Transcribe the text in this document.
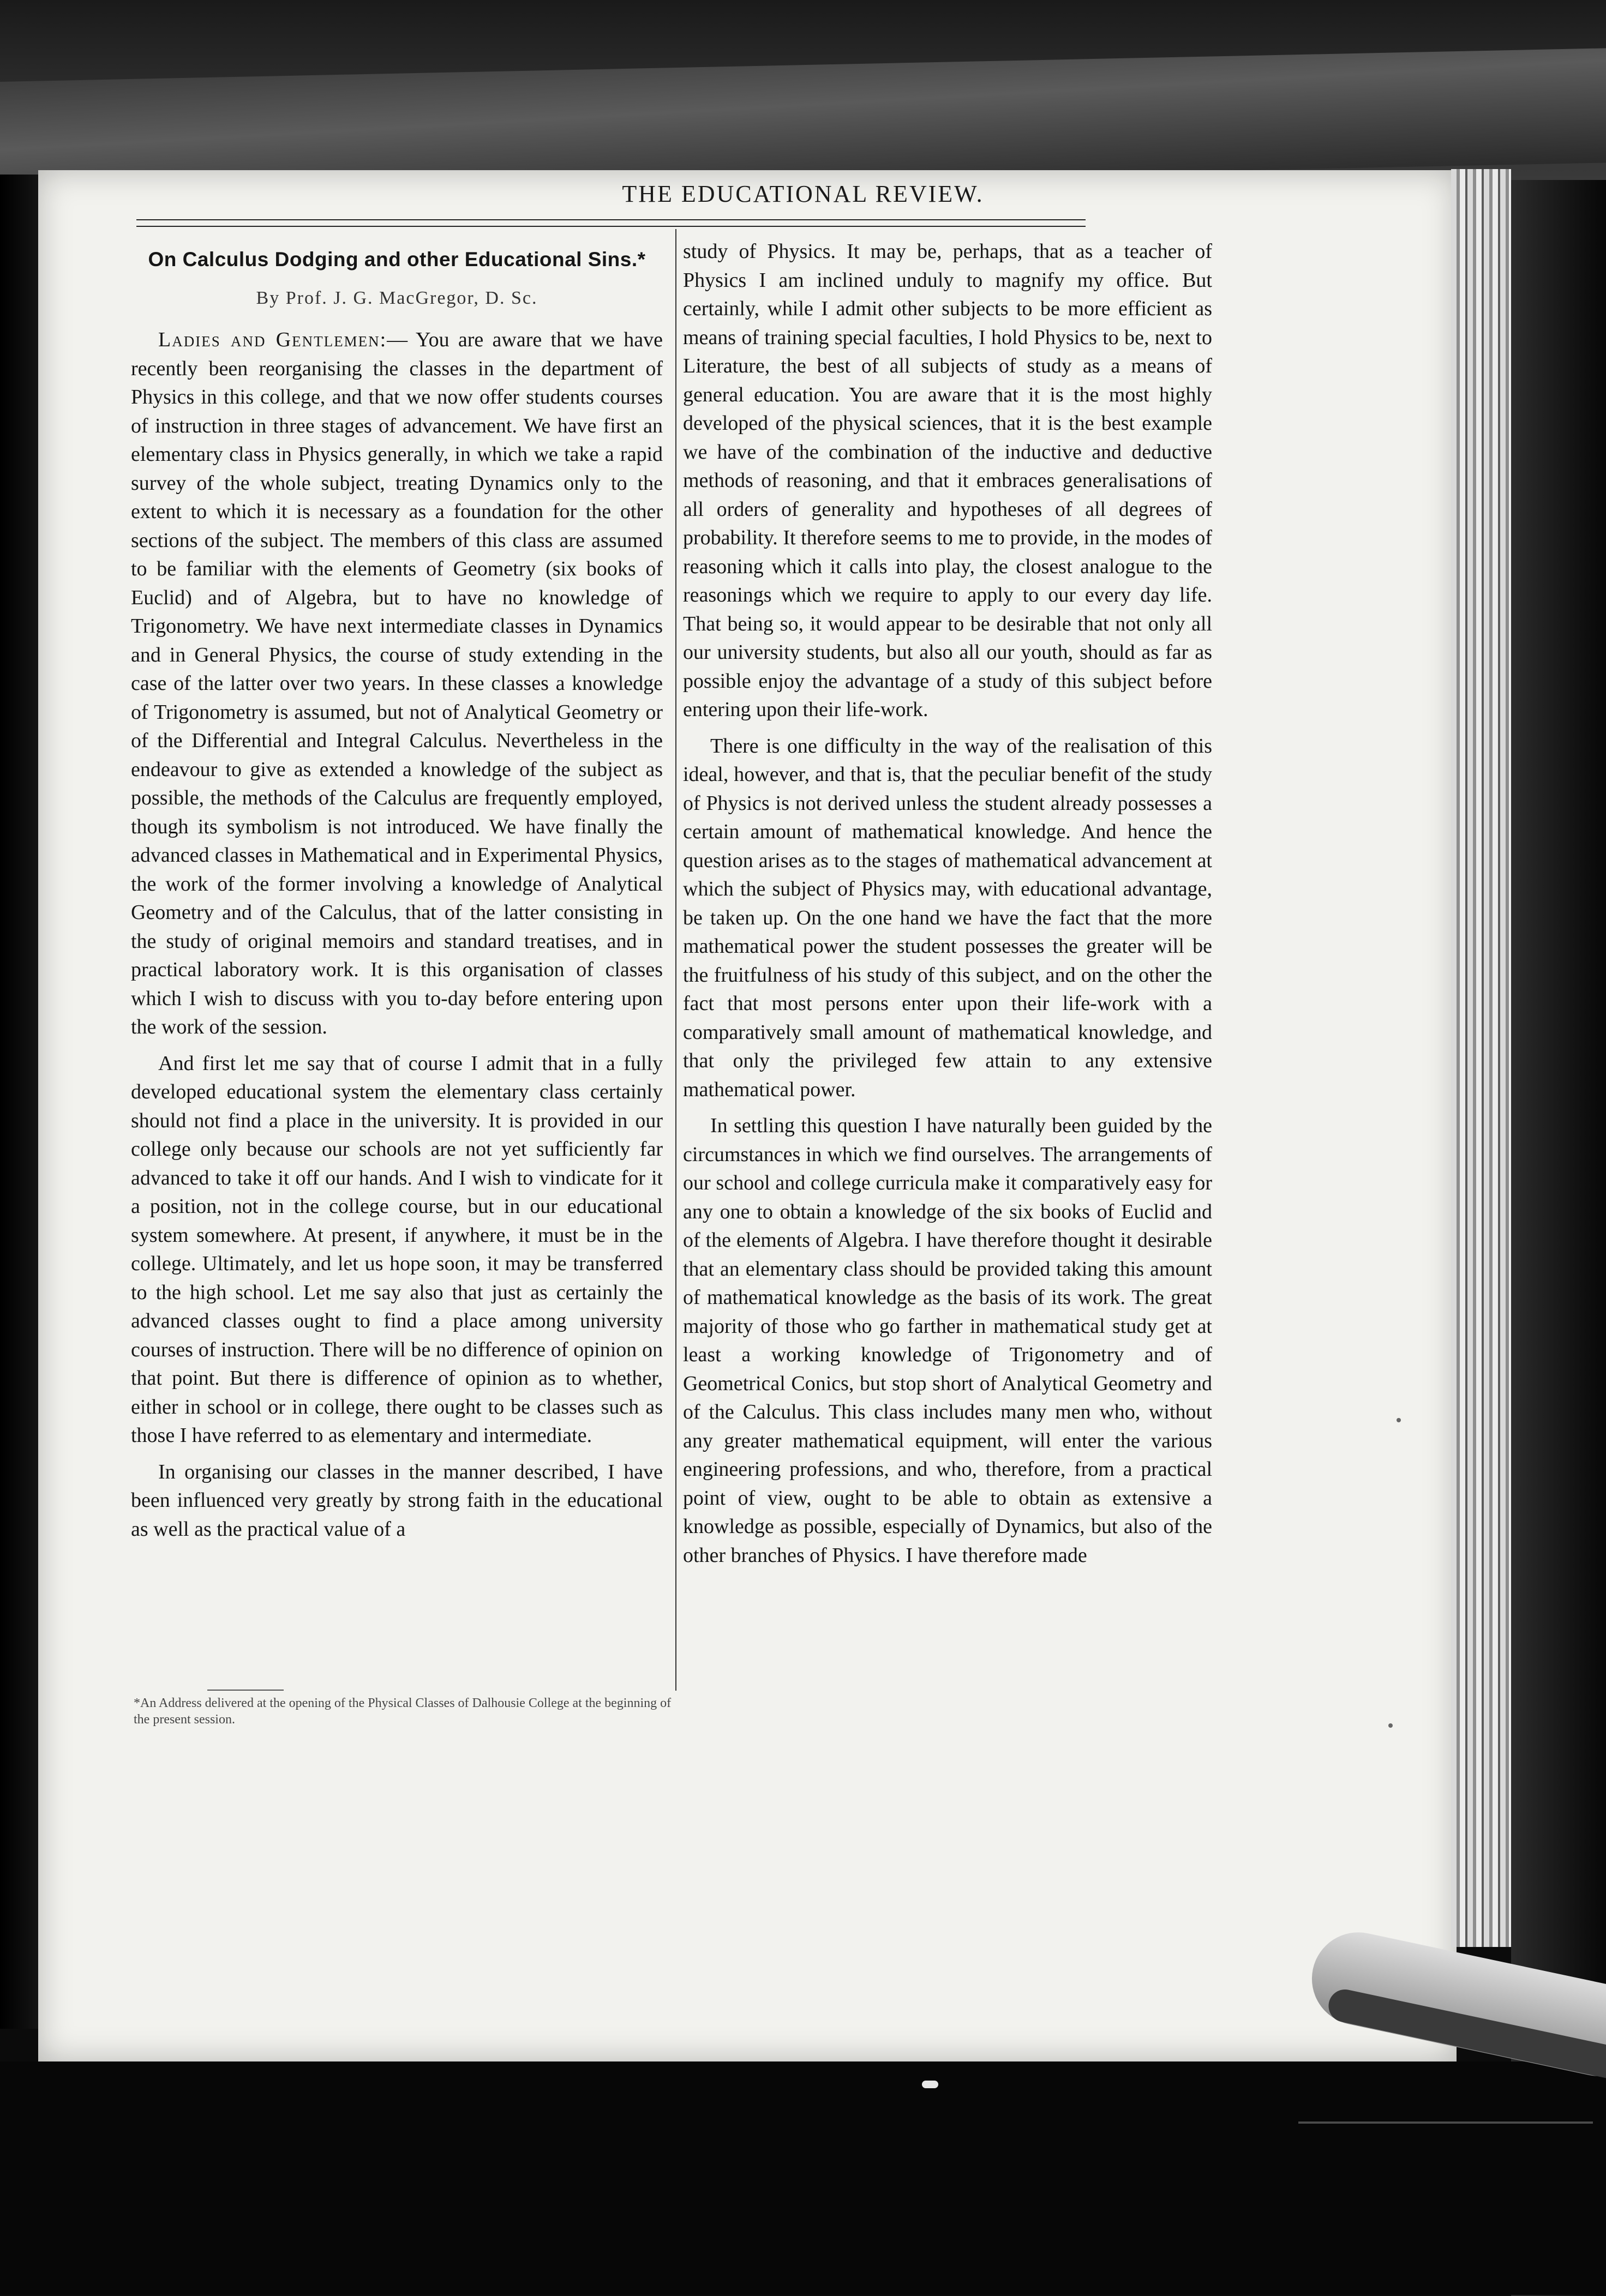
THE EDUCATIONAL REVIEW.
On Calculus Dodging and other Educational Sins.*
By Prof. J. G. MacGregor, D. Sc.

Ladies and Gentlemen:— You are aware that we have recently been reorganising the classes in the department of Physics in this college, and that we now offer students courses of instruction in three stages of advancement. We have first an elementary class in Physics generally, in which we take a rapid survey of the whole subject, treating Dynamics only to the extent to which it is necessary as a foundation for the other sections of the subject. The members of this class are assumed to be familiar with the elements of Geometry (six books of Euclid) and of Algebra, but to have no knowledge of Trigonometry. We have next intermediate classes in Dynamics and in General Physics, the course of study extending in the case of the latter over two years. In these classes a knowledge of Trigonometry is assumed, but not of Analytical Geometry or of the Differential and Integral Calculus. Nevertheless in the endeavour to give as extended a knowledge of the subject as possible, the methods of the Calculus are frequently employed, though its symbolism is not introduced. We have finally the advanced classes in Mathematical and in Experimental Physics, the work of the former involving a knowledge of Analytical Geometry and of the Calculus, that of the latter consisting in the study of original memoirs and standard treatises, and in practical laboratory work. It is this organisation of classes which I wish to discuss with you to-day before entering upon the work of the session.

And first let me say that of course I admit that in a fully developed educational system the elementary class certainly should not find a place in the university. It is provided in our college only because our schools are not yet sufficiently far advanced to take it off our hands. And I wish to vindicate for it a position, not in the college course, but in our educational system somewhere. At present, if anywhere, it must be in the college. Ultimately, and let us hope soon, it may be transferred to the high school. Let me say also that just as certainly the advanced classes ought to find a place among university courses of instruction. There will be no difference of opinion on that point. But there is difference of opinion as to whether, either in school or in college, there ought to be classes such as those I have referred to as elementary and intermediate.

In organising our classes in the manner described, I have been influenced very greatly by strong faith in the educational as well as the practical value of a

study of Physics. It may be, perhaps, that as a teacher of Physics I am inclined unduly to magnify my office. But certainly, while I admit other subjects to be more efficient as means of training special faculties, I hold Physics to be, next to Literature, the best of all subjects of study as a means of general education. You are aware that it is the most highly developed of the physical sciences, that it is the best example we have of the combination of the inductive and deductive methods of reasoning, and that it embraces generalisations of all orders of generality and hypotheses of all degrees of probability. It therefore seems to me to provide, in the modes of reasoning which it calls into play, the closest analogue to the reasonings which we require to apply to our every day life. That being so, it would appear to be desirable that not only all our university students, but also all our youth, should as far as possible enjoy the advantage of a study of this subject before entering upon their life-work.

There is one difficulty in the way of the realisation of this ideal, however, and that is, that the peculiar benefit of the study of Physics is not derived unless the student already possesses a certain amount of mathematical knowledge. And hence the question arises as to the stages of mathematical advancement at which the subject of Physics may, with educational advantage, be taken up. On the one hand we have the fact that the more mathematical power the student possesses the greater will be the fruitfulness of his study of this subject, and on the other the fact that most persons enter upon their life-work with a comparatively small amount of mathematical knowledge, and that only the privileged few attain to any extensive mathematical power.

In settling this question I have naturally been guided by the circumstances in which we find ourselves. The arrangements of our school and college curricula make it comparatively easy for any one to obtain a knowledge of the six books of Euclid and of the elements of Algebra. I have therefore thought it desirable that an elementary class should be provided taking this amount of mathematical knowledge as the basis of its work. The great majority of those who go farther in mathematical study get at least a working knowledge of Trigonometry and of Geometrical Conics, but stop short of Analytical Geometry and of the Calculus. This class includes many men who, without any greater mathematical equipment, will enter the various engineering professions, and who, therefore, from a practical point of view, ought to be able to obtain as extensive a knowledge as possible, especially of Dynamics, but also of the other branches of Physics. I have therefore made

*An Address delivered at the opening of the Physical Classes of Dalhousie College at the beginning of the present session.
